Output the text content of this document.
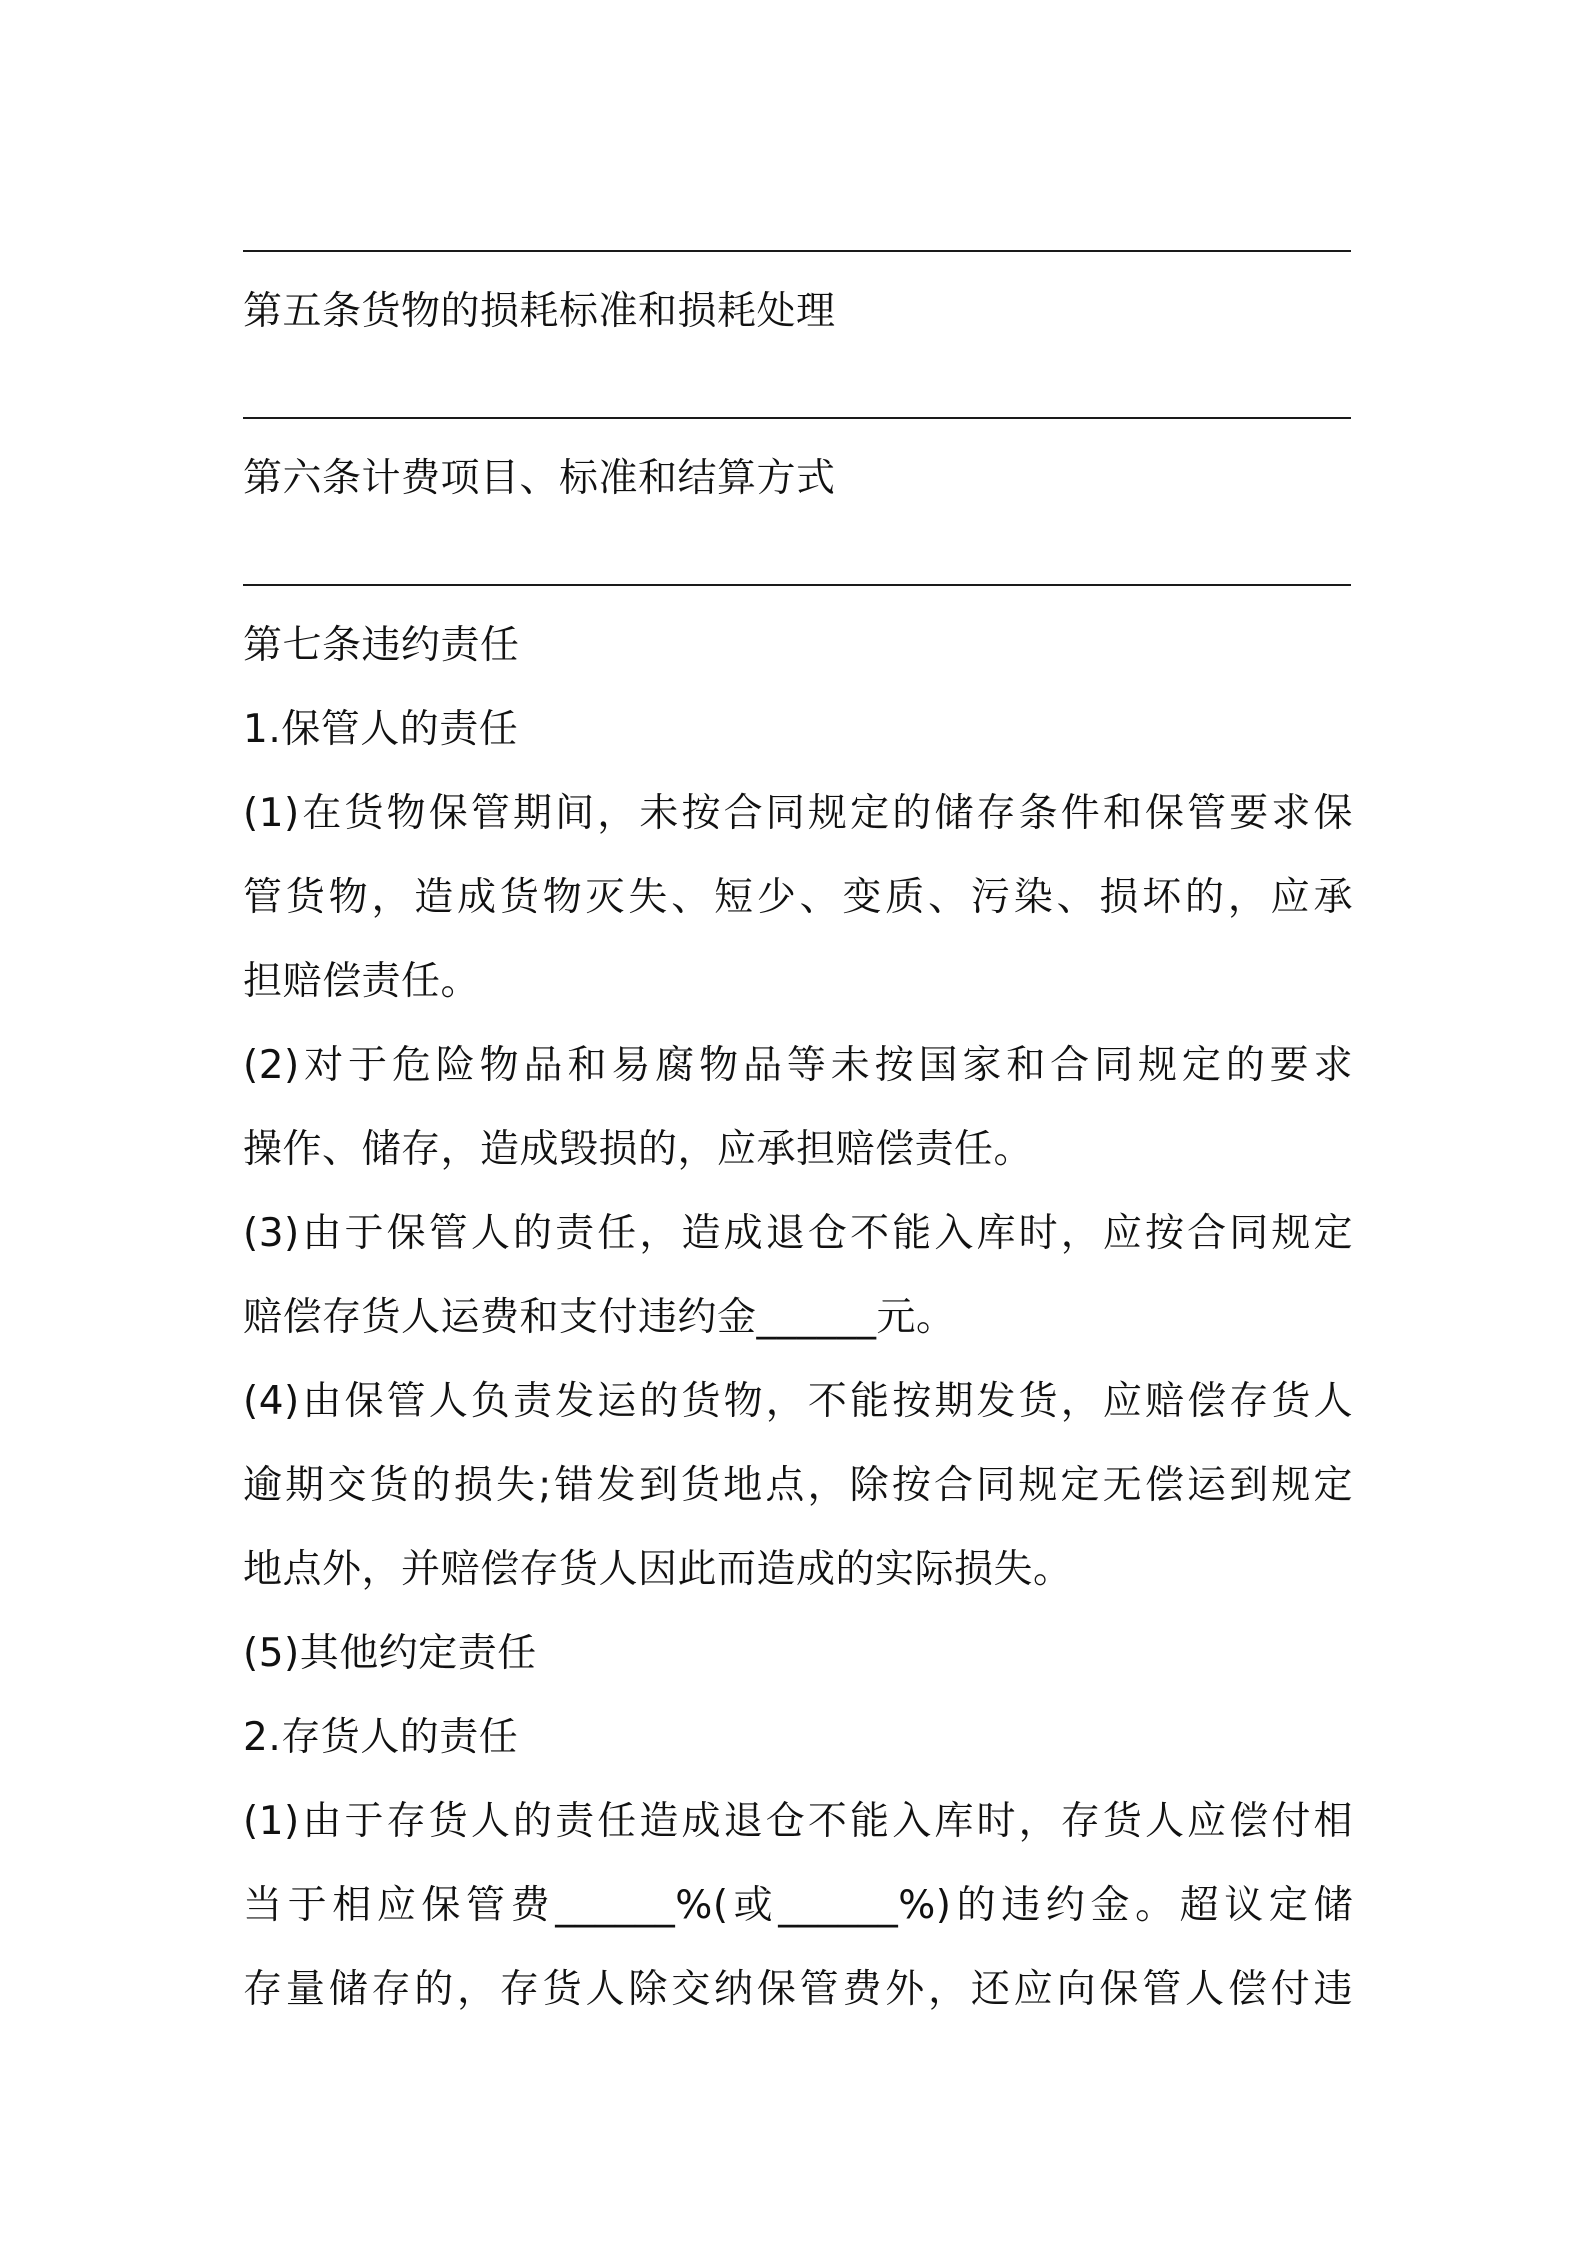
第五条货物的损耗标准和损耗处理
第六条计费项目、标准和结算方式
第七条违约责任
1.保管人的责任
(1)在货物保管期间，未按合同规定的储存条件和保管要求保
管货物，造成货物灭失、短少、变质、污染、损坏的，应承
担赔偿责任。
(2)对于危险物品和易腐物品等未按国家和合同规定的要求
操作、储存，造成毁损的，应承担赔偿责任。
(3)由于保管人的责任，造成退仓不能入库时，应按合同规定
赔偿存货人运费和支付违约金______元。
(4)由保管人负责发运的货物，不能按期发货，应赔偿存货人
逾期交货的损失;错发到货地点，除按合同规定无偿运到规定
地点外，并赔偿存货人因此而造成的实际损失。
(5)其他约定责任
2.存货人的责任
(1)由于存货人的责任造成退仓不能入库时，存货人应偿付相
当于相应保管费______%(或______%)的违约金。超议定储
存量储存的，存货人除交纳保管费外，还应向保管人偿付违
